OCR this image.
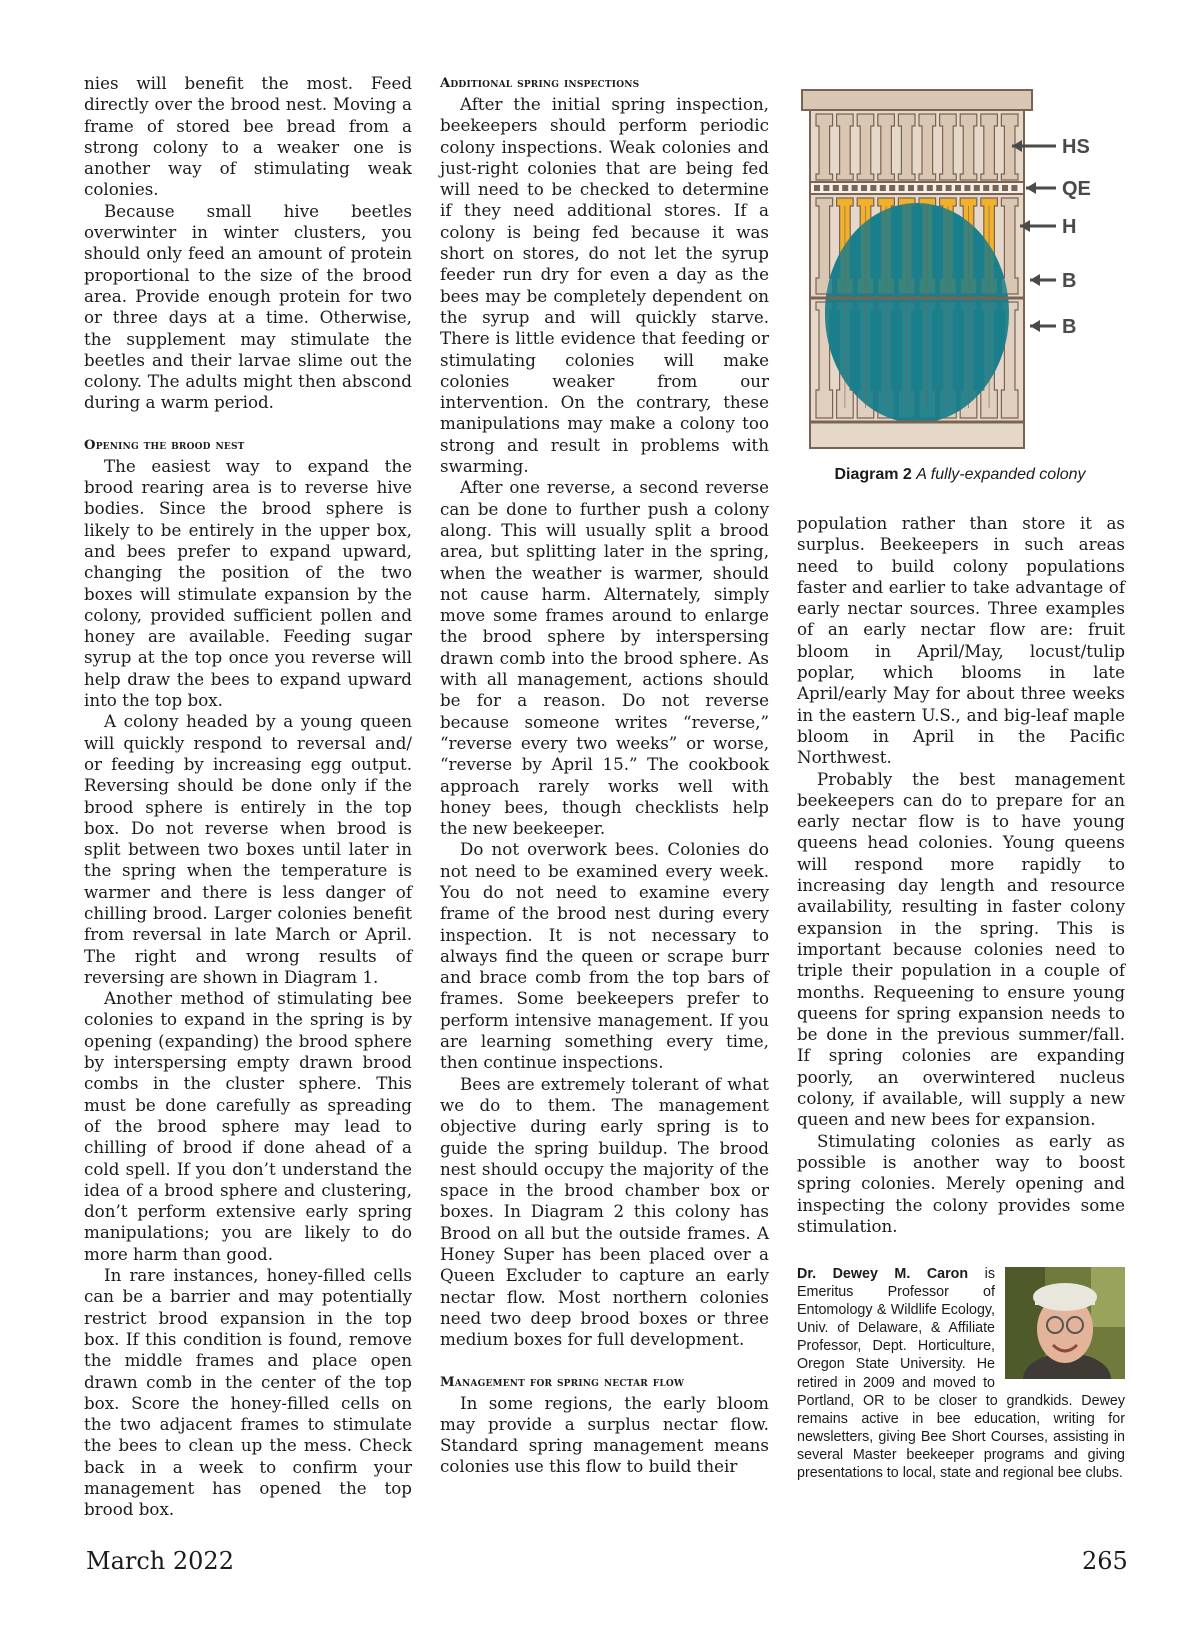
nies will benefit the most. Feed directly over the brood nest. Moving a frame of stored bee bread from a strong colony to a weaker one is another way of stimulating weak colonies.

Because small hive beetles overwinter in winter clusters, you should only feed an amount of protein proportional to the size of the brood area. Provide enough protein for two or three days at a time. Otherwise, the supplement may stimulate the beetles and their larvae slime out the colony. The adults might then abscond during a warm period.

Opening the brood nest

The easiest way to expand the brood rearing area is to reverse hive bodies. Since the brood sphere is likely to be entirely in the upper box, and bees prefer to expand upward, changing the position of the two boxes will stimulate expansion by the colony, provided sufficient pollen and honey are available. Feeding sugar syrup at the top once you reverse will help draw the bees to expand upward into the top box.

A colony headed by a young queen will quickly respond to reversal and/ or feeding by increasing egg output. Reversing should be done only if the brood sphere is entirely in the top box. Do not reverse when brood is split between two boxes until later in the spring when the temperature is warmer and there is less danger of chilling brood. Larger colonies benefit from reversal in late March or April. The right and wrong results of reversing are shown in Diagram 1.

Another method of stimulating bee colonies to expand in the spring is by opening (expanding) the brood sphere by interspersing empty drawn brood combs in the cluster sphere. This must be done carefully as spreading of the brood sphere may lead to chilling of brood if done ahead of a cold spell. If you don’t understand the idea of a brood sphere and clustering, don’t perform extensive early spring manipulations; you are likely to do more harm than good.

In rare instances, honey-filled cells can be a barrier and may potentially restrict brood expansion in the top box. If this condition is found, remove the middle frames and place open drawn comb in the center of the top box. Score the honey-filled cells on the two adjacent frames to stimulate the bees to clean up the mess. Check back in a week to confirm your management has opened the top brood box.

Additional spring inspections

After the initial spring inspection, beekeepers should perform periodic colony inspections. Weak colonies and just-right colonies that are being fed will need to be checked to determine if they need additional stores. If a colony is being fed because it was short on stores, do not let the syrup feeder run dry for even a day as the bees may be completely dependent on the syrup and will quickly starve. There is little evidence that feeding or stimulating colonies will make colonies weaker from our intervention. On the contrary, these manipulations may make a colony too strong and result in problems with swarming.

After one reverse, a second reverse can be done to further push a colony along. This will usually split a brood area, but splitting later in the spring, when the weather is warmer, should not cause harm. Alternately, simply move some frames around to enlarge the brood sphere by interspersing drawn comb into the brood sphere. As with all management, actions should be for a reason. Do not reverse because someone writes “reverse,” “reverse every two weeks” or worse, “reverse by April 15.” The cookbook approach rarely works well with honey bees, though checklists help the new beekeeper.

Do not overwork bees. Colonies do not need to be examined every week. You do not need to examine every frame of the brood nest during every inspection. It is not necessary to always find the queen or scrape burr and brace comb from the top bars of frames. Some beekeepers prefer to perform intensive management. If you are learning something every time, then continue inspections.

Bees are extremely tolerant of what we do to them. The management objective during early spring is to guide the spring buildup. The brood nest should occupy the majority of the space in the brood chamber box or boxes. In Diagram 2 this colony has Brood on all but the outside frames. A Honey Super has been placed over a Queen Excluder to capture an early nectar flow. Most northern colonies need two deep brood boxes or three medium boxes for full development.

Management for spring nectar flow

In some regions, the early bloom may provide a surplus nectar flow. Standard spring management means colonies use this flow to build their

HS
QE
H
B
B
Diagram 2 A fully-expanded colony

population rather than store it as surplus. Beekeepers in such areas need to build colony populations faster and earlier to take advantage of early nectar sources. Three examples of an early nectar flow are: fruit bloom in April/May, locust/tulip poplar, which blooms in late April/early May for about three weeks in the eastern U.S., and big-leaf maple bloom in April in the Pacific Northwest.

Probably the best management beekeepers can do to prepare for an early nectar flow is to have young queens head colonies. Young queens will respond more rapidly to increasing day length and resource availability, resulting in faster colony expansion in the spring. This is important because colonies need to triple their population in a couple of months. Requeening to ensure young queens for spring expansion needs to be done in the previous summer/fall. If spring colonies are expanding poorly, an overwintered nucleus colony, if available, will supply a new queen and new bees for expansion.

Stimulating colonies as early as possible is another way to boost spring colonies. Merely opening and inspecting the colony provides some stimulation.

Dr. Dewey M. Caron is Emeritus Professor of Entomology & Wildlife Ecology, Univ. of Delaware, & Affiliate Professor, Dept. Horticulture, Oregon State University. He retired in 2009 and moved to Portland, OR to be closer to grandkids. Dewey remains active in bee education, writing for newsletters, giving Bee Short Courses, assisting in several Master beekeeper programs and giving presentations to local, state and regional bee clubs.
March 2022	265
